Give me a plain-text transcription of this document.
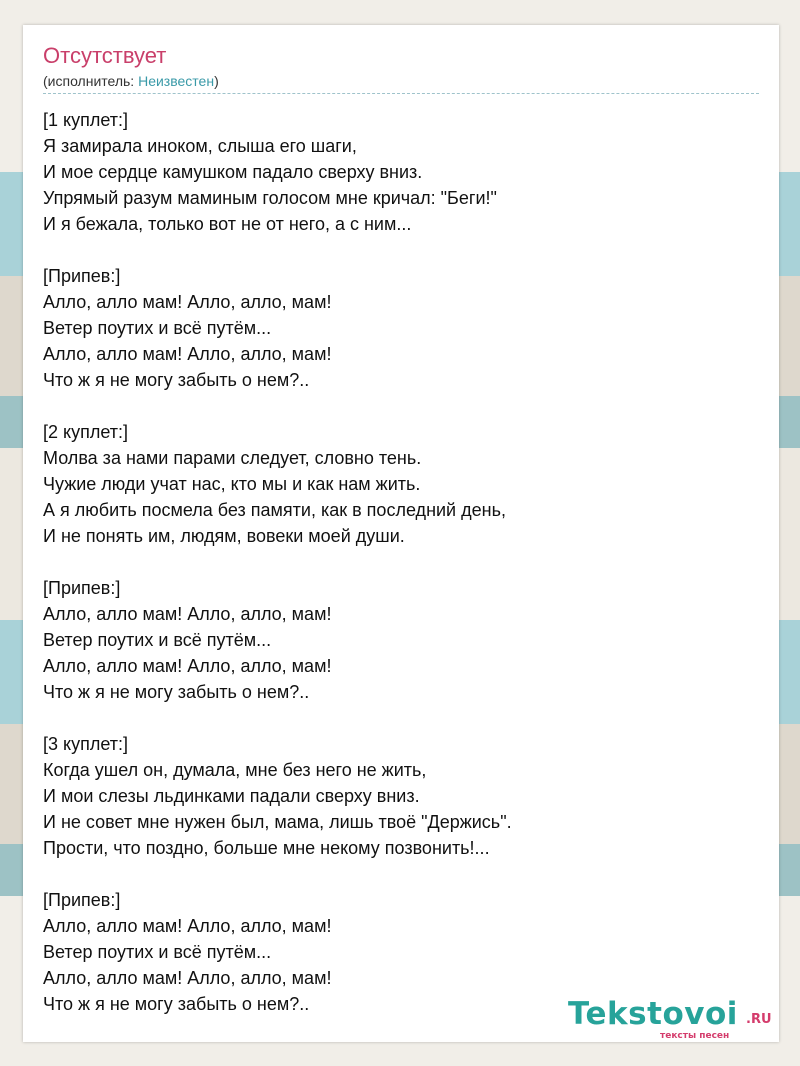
Отсутствует
(исполнитель: Неизвестен)
[1 куплет:]
Я замирала иноком, слыша его шаги,
И мое сердце камушком падало сверху вниз.
Упрямый разум маминым голосом мне кричал: "Беги!"
И я бежала, только вот не от него, а с ним...
[Припев:]
Алло, алло мам! Алло, алло, мам!
Ветер поутих и всё путём...
Алло, алло мам! Алло, алло, мам!
Что ж я не могу забыть о нем?..
[2 куплет:]
Молва за нами парами следует, словно тень.
Чужие люди учат нас, кто мы и как нам жить.
А я любить посмела без памяти, как в последний день,
И не понять им, людям, вовеки моей души.
[Припев:]
Алло, алло мам! Алло, алло, мам!
Ветер поутих и всё путём...
Алло, алло мам! Алло, алло, мам!
Что ж я не могу забыть о нем?..
[3 куплет:]
Когда ушел он, думала, мне без него не жить,
И мои слезы льдинками падали сверху вниз.
И не совет мне нужен был, мама, лишь твоё "Держись".
Прости, что поздно, больше мне некому позвонить!...
[Припев:]
Алло, алло мам! Алло, алло, мам!
Ветер поутих и всё путём...
Алло, алло мам! Алло, алло, мам!
Что ж я не могу забыть о нем?..	Tekstovoi .RU
тексты песен
